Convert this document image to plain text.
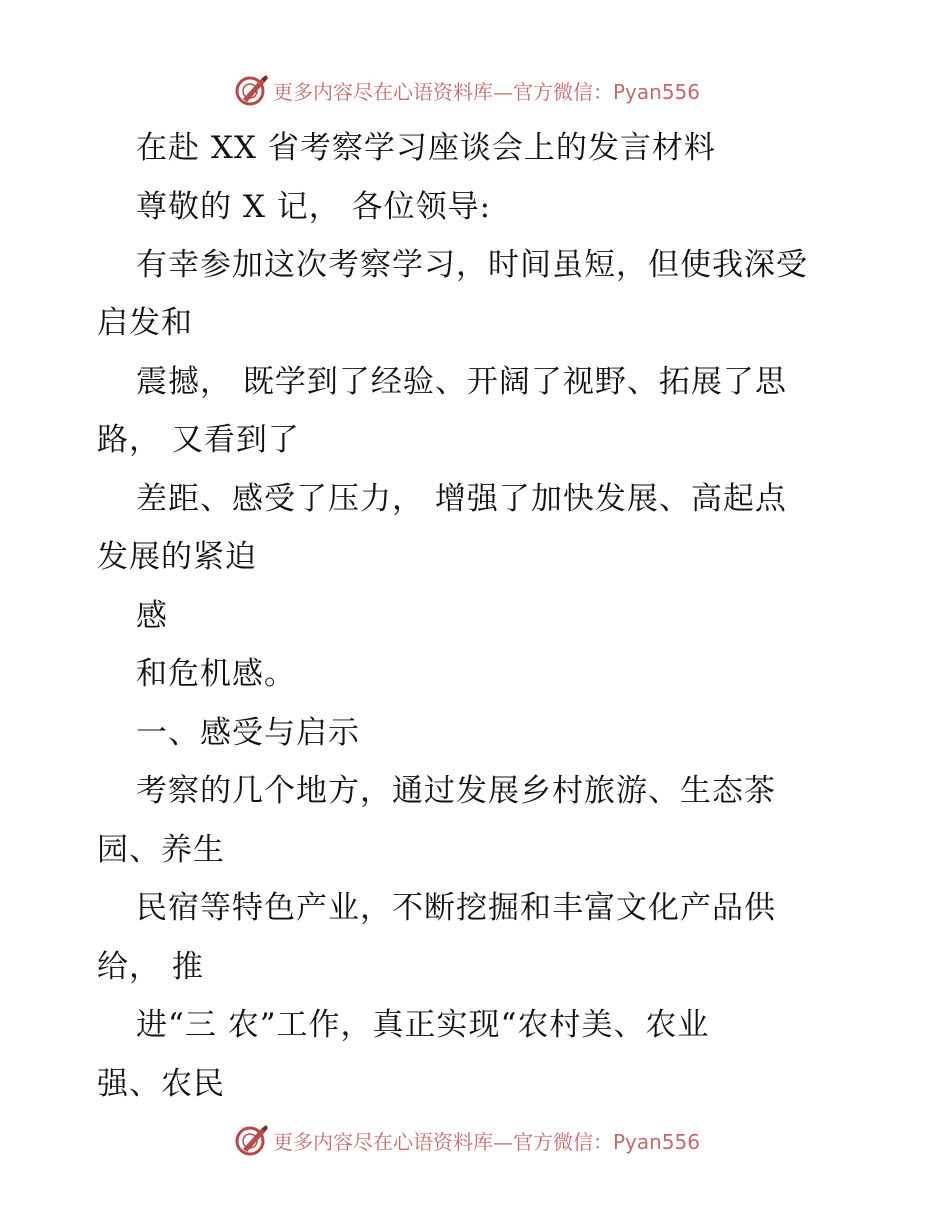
更多内容尽在心语资料库—官方微信：Pyan556
在赴 XX 省考察学习座谈会上的发言材料
尊敬的 X 记， 各位领导:
有幸参加这次考察学习，时间虽短，但使我深受
启发和
震撼， 既学到了经验、开阔了视野、拓展了思
路， 又看到了
差距、感受了压力， 增强了加快发展、高起点
发展的紧迫
感
和危机感。
一、感受与启示
考察的几个地方，通过发展乡村旅游、生态茶
园、养生
民宿等特色产业，不断挖掘和丰富文化产品供
给， 推
进“三 农”工作，真正实现“农村美、农业
强、农民
更多内容尽在心语资料库—官方微信：Pyan556
